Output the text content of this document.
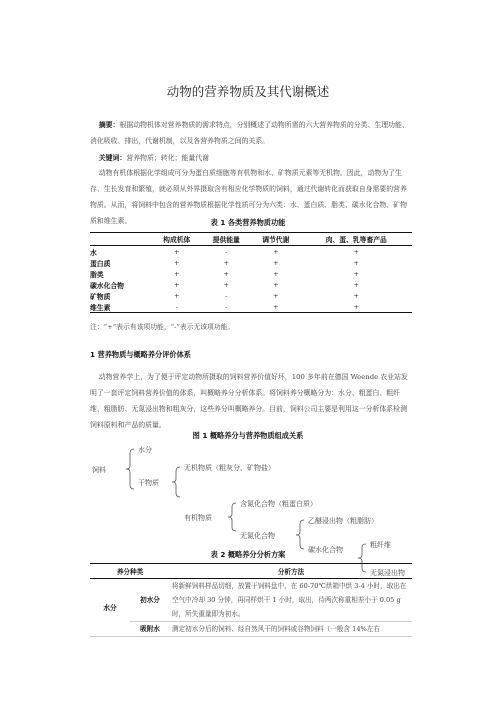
动物的营养物质及其代谢概述
摘要：根据动物机体对营养物质的需求特点，分别概述了动物所需的六大营养物质的分类、生理功能、消化吸收、排出，代谢机制，以及各营养物质之间的关系。
关键词：营养物质；转化；能量代谢
动物有机体根据化学组成可分为蛋白质细胞等有机物和水、矿物质元素等无机物。因此，动物为了生存、生长发育和繁殖，就必须从外界摄取含有相应化学物质的饲料，通过代谢转化而获取自身需要的营养物质。从而，将饲料中包含的营养物质根据化学性质可分为六类：水、蛋白质、脂类、碳水化合物、矿物质和维生素。	表 1 各类营养物质功能
	构成机体	提供能量	调节代谢	肉、蛋、乳等畜产品
水	+	-	+	+
蛋白质	+	+	+	+
脂类	+	+	+	+
碳水化合物	+	+	+	+
矿物质	+	-	+	+
维生素	-	-	+	+
注：“+”表示有该项功能，“-”表示无该项功能。
1 营养物质与概略养分评价体系
动物营养学上，为了便于评定动物所摄取的饲料营养价值好坏，100 多年前在德国 Weende 农业站发明了一套评定饲料营养价值的体系，叫概略养分分析体系。将饲料养分概略分为：水分、粗蛋白、粗纤维、粗脂肪、无氮浸出物和粗灰分，这些养分叫概略养分。目前，饲料公司主要是利用这一分析体系检测饲料原料和产品的质量。
图 1 概略养分与营养物质组成关系
饲料
水分
干物质
无机物质（粗灰分、矿物盐）
有机物质
含氮化合物（粗蛋白质）
无氮化合物
乙醚浸出物（粗脂肪）
碳水化合物
粗纤维
无氮浸出物
表 2 概略养分分析方案
养分种类		分析方法
水分	初水分	将新鲜饲料样品切细，放置于饲料盘中，在 60-70℃烘箱中烘 3-4 小时，取出在空气中冷却 30 分钟，再同样烘干 1 小时，取出，待两次称重相差小于 0.05 g 时，所失重量即为初水。
	吸附水	测定初水分后的饲料、经自然风干的饲料或谷物饲料（一般含 14%左右
